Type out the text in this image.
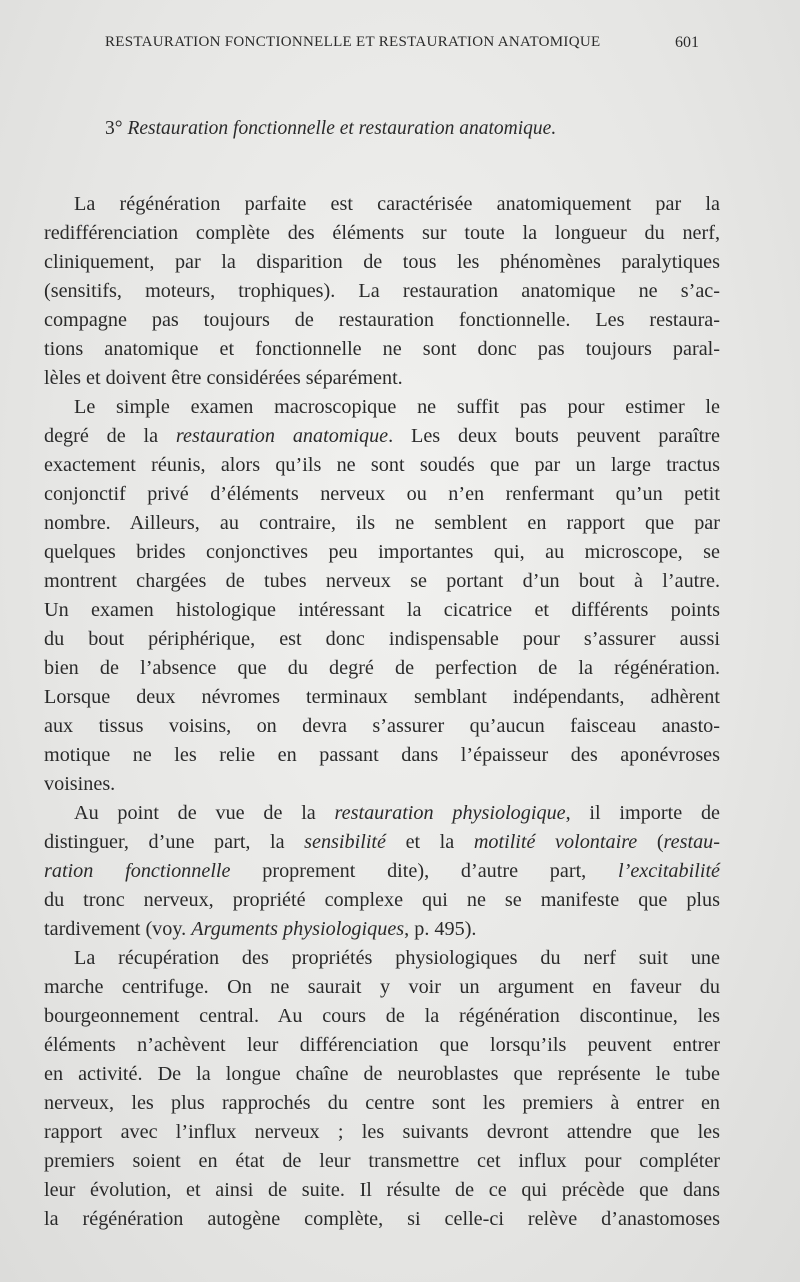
RESTAURATION FONCTIONNELLE ET RESTAURATION ANATOMIQUE	601
3° Restauration fonctionnelle et restauration anatomique.
La régénération parfaite est caractérisée anatomiquement par la
redifférenciation complète des éléments sur toute la longueur du nerf,
cliniquement, par la disparition de tous les phénomènes paralytiques
(sensitifs, moteurs, trophiques). La restauration anatomique ne s’ac-
compagne pas toujours de restauration fonctionnelle. Les restaura-
tions anatomique et fonctionnelle ne sont donc pas toujours paral-
lèles et doivent être considérées séparément.
Le simple examen macroscopique ne suffit pas pour estimer le
degré de la restauration anatomique. Les deux bouts peuvent paraître
exactement réunis, alors qu’ils ne sont soudés que par un large tractus
conjonctif privé d’éléments nerveux ou n’en renfermant qu’un petit
nombre. Ailleurs, au contraire, ils ne semblent en rapport que par
quelques brides conjonctives peu importantes qui, au microscope, se
montrent chargées de tubes nerveux se portant d’un bout à l’autre.
Un examen histologique intéressant la cicatrice et différents points
du bout périphérique, est donc indispensable pour s’assurer aussi
bien de l’absence que du degré de perfection de la régénération.
Lorsque deux névromes terminaux semblant indépendants, adhèrent
aux tissus voisins, on devra s’assurer qu’aucun faisceau anasto-
motique ne les relie en passant dans l’épaisseur des aponévroses
voisines.
Au point de vue de la restauration physiologique, il importe de
distinguer, d’une part, la sensibilité et la motilité volontaire (restau-
ration fonctionnelle proprement dite), d’autre part, l’excitabilité
du tronc nerveux, propriété complexe qui ne se manifeste que plus
tardivement (voy. Arguments physiologiques, p. 495).
La récupération des propriétés physiologiques du nerf suit une
marche centrifuge. On ne saurait y voir un argument en faveur du
bourgeonnement central. Au cours de la régénération discontinue, les
éléments n’achèvent leur différenciation que lorsqu’ils peuvent entrer
en activité. De la longue chaîne de neuroblastes que représente le tube
nerveux, les plus rapprochés du centre sont les premiers à entrer en
rapport avec l’influx nerveux ; les suivants devront attendre que les
premiers soient en état de leur transmettre cet influx pour compléter
leur évolution, et ainsi de suite. Il résulte de ce qui précède que dans
la régénération autogène complète, si celle-ci relève d’anastomoses
